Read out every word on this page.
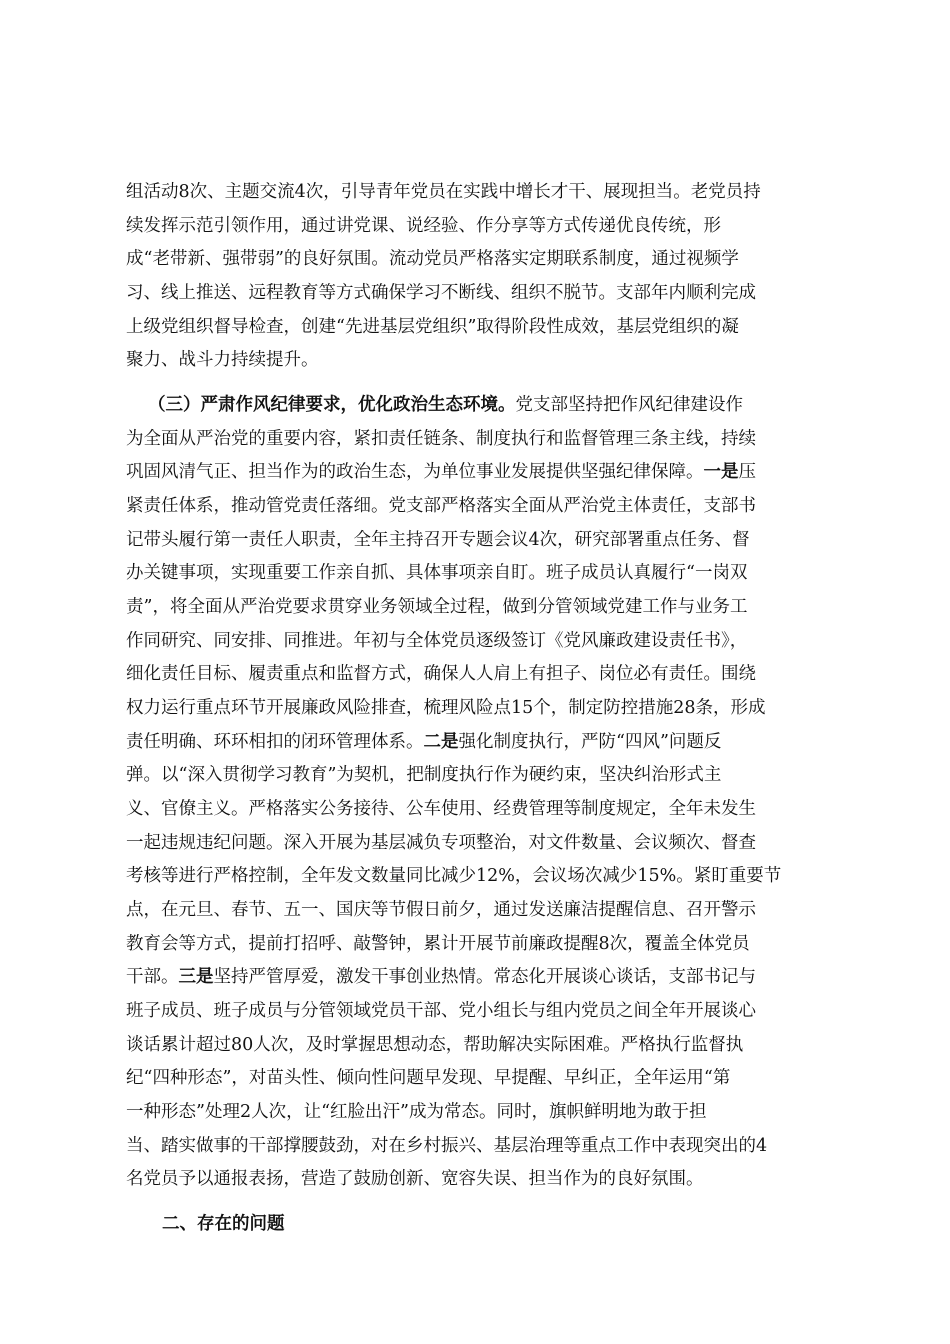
组活动8次、主题交流4次，引导青年党员在实践中增长才干、展现担当。老党员持
续发挥示范引领作用，通过讲党课、说经验、作分享等方式传递优良传统，形
成“老带新、强带弱”的良好氛围。流动党员严格落实定期联系制度，通过视频学
习、线上推送、远程教育等方式确保学习不断线、组织不脱节。支部年内顺利完成
上级党组织督导检查，创建“先进基层党组织”取得阶段性成效，基层党组织的凝
聚力、战斗力持续提升。
（三）严肃作风纪律要求，优化政治生态环境。党支部坚持把作风纪律建设作
为全面从严治党的重要内容，紧扣责任链条、制度执行和监督管理三条主线，持续
巩固风清气正、担当作为的政治生态，为单位事业发展提供坚强纪律保障。一是压
紧责任体系，推动管党责任落细。党支部严格落实全面从严治党主体责任，支部书
记带头履行第一责任人职责，全年主持召开专题会议4次，研究部署重点任务、督
办关键事项，实现重要工作亲自抓、具体事项亲自盯。班子成员认真履行“一岗双
责”，将全面从严治党要求贯穿业务领域全过程，做到分管领域党建工作与业务工
作同研究、同安排、同推进。年初与全体党员逐级签订《党风廉政建设责任书》，
细化责任目标、履责重点和监督方式，确保人人肩上有担子、岗位必有责任。围绕
权力运行重点环节开展廉政风险排查，梳理风险点15个，制定防控措施28条，形成
责任明确、环环相扣的闭环管理体系。二是强化制度执行，严防“四风”问题反
弹。以“深入贯彻学习教育”为契机，把制度执行作为硬约束，坚决纠治形式主
义、官僚主义。严格落实公务接待、公车使用、经费管理等制度规定，全年未发生
一起违规违纪问题。深入开展为基层减负专项整治，对文件数量、会议频次、督查
考核等进行严格控制，全年发文数量同比减少12%，会议场次减少15%。紧盯重要节
点，在元旦、春节、五一、国庆等节假日前夕，通过发送廉洁提醒信息、召开警示
教育会等方式，提前打招呼、敲警钟，累计开展节前廉政提醒8次，覆盖全体党员
干部。三是坚持严管厚爱，激发干事创业热情。常态化开展谈心谈话，支部书记与
班子成员、班子成员与分管领域党员干部、党小组长与组内党员之间全年开展谈心
谈话累计超过80人次，及时掌握思想动态，帮助解决实际困难。严格执行监督执
纪“四种形态”，对苗头性、倾向性问题早发现、早提醒、早纠正，全年运用“第
一种形态”处理2人次，让“红脸出汗”成为常态。同时，旗帜鲜明地为敢于担
当、踏实做事的干部撑腰鼓劲，对在乡村振兴、基层治理等重点工作中表现突出的4
名党员予以通报表扬，营造了鼓励创新、宽容失误、担当作为的良好氛围。
二、存在的问题
